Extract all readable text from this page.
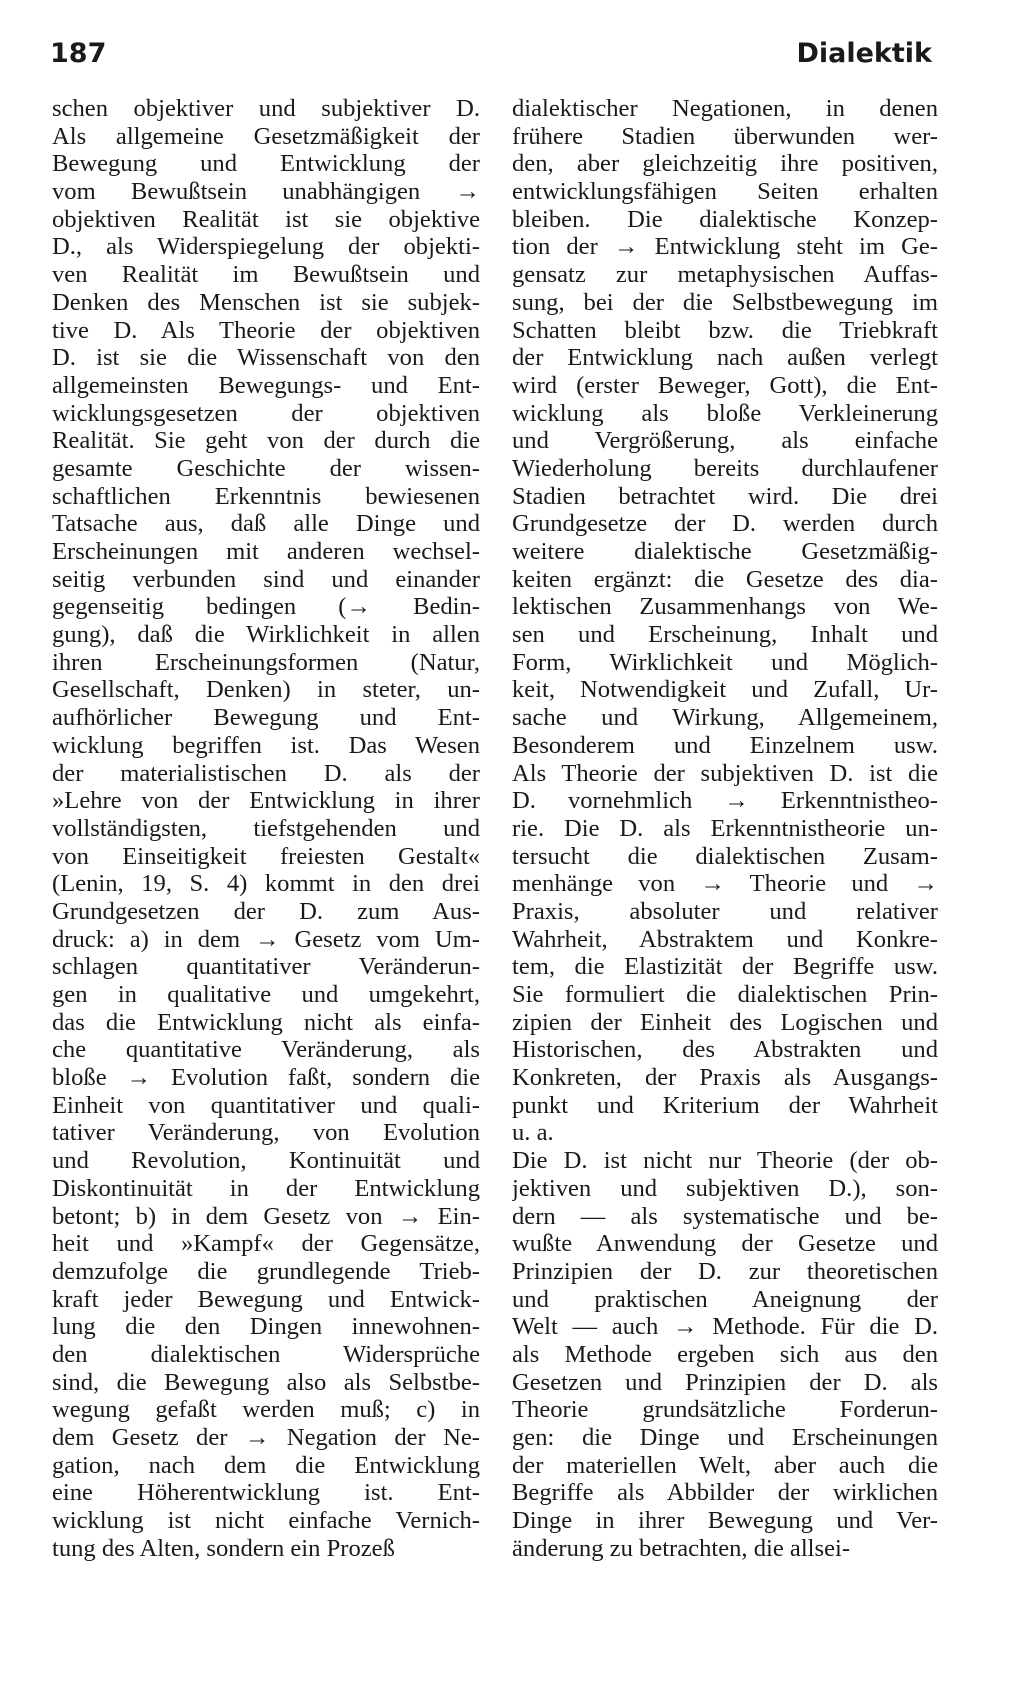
187	Dialektik
schen objektiver und subjektiver D.
Als allgemeine Gesetzmäßigkeit der
Bewegung und Entwicklung der
vom Bewußtsein unabhängigen →
objektiven Realität ist sie objektive
D., als Widerspiegelung der objekti-
ven Realität im Bewußtsein und
Denken des Menschen ist sie subjek-
tive D. Als Theorie der objektiven
D. ist sie die Wissenschaft von den
allgemeinsten Bewegungs- und Ent-
wicklungsgesetzen der objektiven
Realität. Sie geht von der durch die
gesamte Geschichte der wissen-
schaftlichen Erkenntnis bewiesenen
Tatsache aus, daß alle Dinge und
Erscheinungen mit anderen wechsel-
seitig verbunden sind und einander
gegenseitig bedingen (→ Bedin-
gung), daß die Wirklichkeit in allen
ihren Erscheinungsformen (Natur,
Gesellschaft, Denken) in steter, un-
aufhörlicher Bewegung und Ent-
wicklung begriffen ist. Das Wesen
der materialistischen D. als der
»Lehre von der Entwicklung in ihrer
vollständigsten, tiefstgehenden und
von Einseitigkeit freiesten Gestalt«
(Lenin, 19, S. 4) kommt in den drei
Grundgesetzen der D. zum Aus-
druck: a) in dem → Gesetz vom Um-
schlagen quantitativer Veränderun-
gen in qualitative und umgekehrt,
das die Entwicklung nicht als einfa-
che quantitative Veränderung, als
bloße → Evolution faßt, sondern die
Einheit von quantitativer und quali-
tativer Veränderung, von Evolution
und Revolution, Kontinuität und
Diskontinuität in der Entwicklung
betont; b) in dem Gesetz von → Ein-
heit und »Kampf« der Gegensätze,
demzufolge die grundlegende Trieb-
kraft jeder Bewegung und Entwick-
lung die den Dingen innewohnen-
den dialektischen Widersprüche
sind, die Bewegung also als Selbstbe-
wegung gefaßt werden muß; c) in
dem Gesetz der → Negation der Ne-
gation, nach dem die Entwicklung
eine Höherentwicklung ist. Ent-
wicklung ist nicht einfache Vernich-
tung des Alten, sondern ein Prozeß
dialektischer Negationen, in denen
frühere Stadien überwunden wer-
den, aber gleichzeitig ihre positiven,
entwicklungsfähigen Seiten erhalten
bleiben. Die dialektische Konzep-
tion der → Entwicklung steht im Ge-
gensatz zur metaphysischen Auffas-
sung, bei der die Selbstbewegung im
Schatten bleibt bzw. die Triebkraft
der Entwicklung nach außen verlegt
wird (erster Beweger, Gott), die Ent-
wicklung als bloße Verkleinerung
und Vergrößerung, als einfache
Wiederholung bereits durchlaufener
Stadien betrachtet wird. Die drei
Grundgesetze der D. werden durch
weitere dialektische Gesetzmäßig-
keiten ergänzt: die Gesetze des dia-
lektischen Zusammenhangs von We-
sen und Erscheinung, Inhalt und
Form, Wirklichkeit und Möglich-
keit, Notwendigkeit und Zufall, Ur-
sache und Wirkung, Allgemeinem,
Besonderem und Einzelnem usw.
Als Theorie der subjektiven D. ist die
D. vornehmlich → Erkenntnistheo-
rie. Die D. als Erkenntnistheorie un-
tersucht die dialektischen Zusam-
menhänge von → Theorie und →
Praxis, absoluter und relativer
Wahrheit, Abstraktem und Konkre-
tem, die Elastizität der Begriffe usw.
Sie formuliert die dialektischen Prin-
zipien der Einheit des Logischen und
Historischen, des Abstrakten und
Konkreten, der Praxis als Ausgangs-
punkt und Kriterium der Wahrheit
u. a.
Die D. ist nicht nur Theorie (der ob-
jektiven und subjektiven D.), son-
dern — als systematische und be-
wußte Anwendung der Gesetze und
Prinzipien der D. zur theoretischen
und praktischen Aneignung der
Welt — auch → Methode. Für die D.
als Methode ergeben sich aus den
Gesetzen und Prinzipien der D. als
Theorie grundsätzliche Forderun-
gen: die Dinge und Erscheinungen
der materiellen Welt, aber auch die
Begriffe als Abbilder der wirklichen
Dinge in ihrer Bewegung und Ver-
änderung zu betrachten, die allsei-
